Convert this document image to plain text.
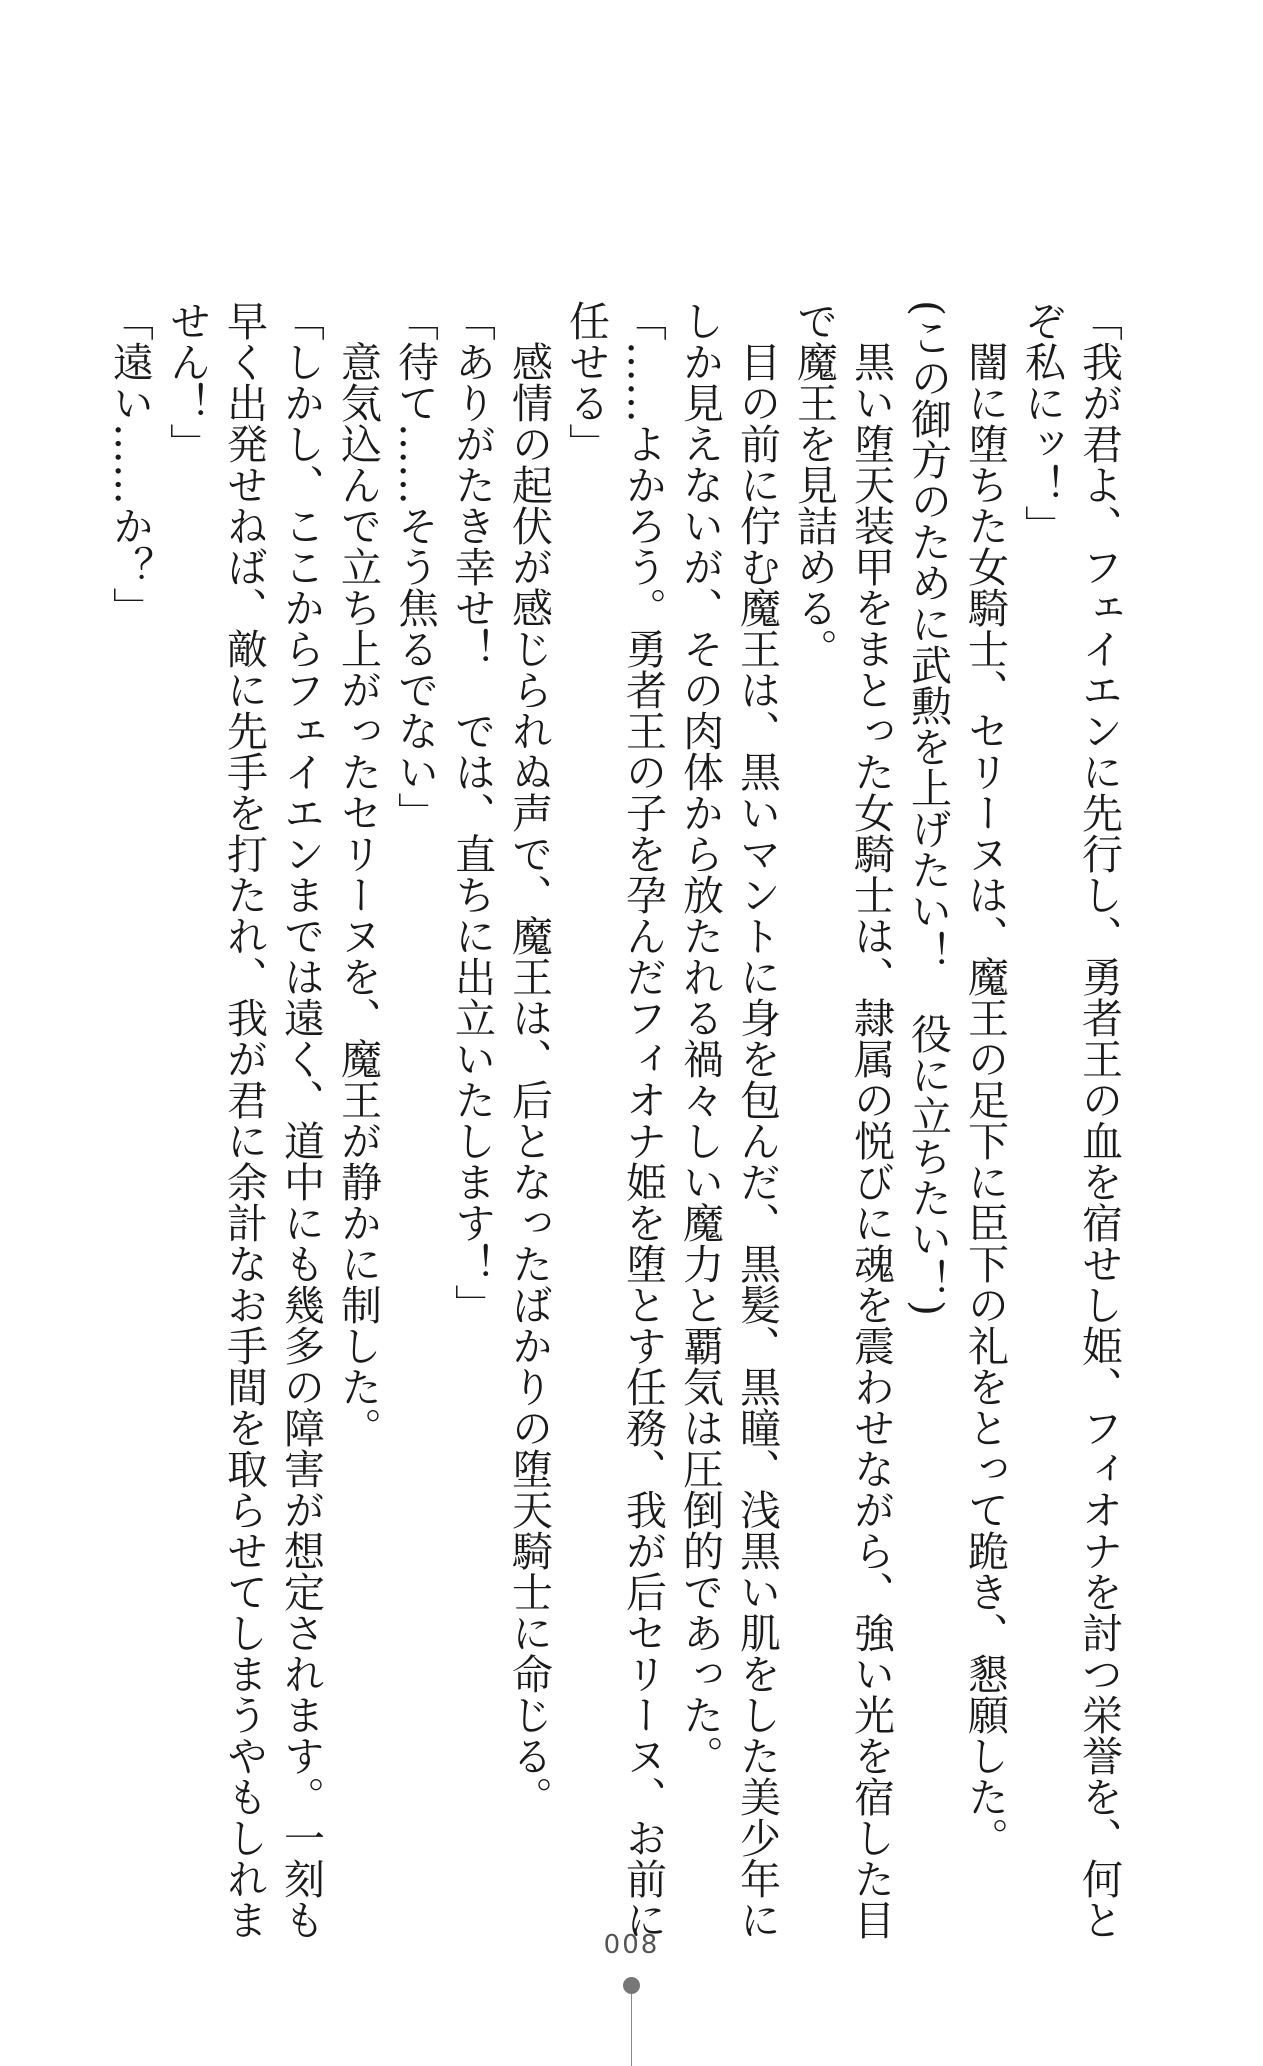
「我が君よ、フェイエンに先行し、勇者王の血を宿せし姫、フィオナを討つ栄誉を、何と

ぞ私にッ！」

闇に堕ちた女騎士、セリーヌは、魔王の足下に臣下の礼をとって跪き、懇願した。

(この御方のために武勲を上げたい！　役に立ちたい！)

黒い堕天装甲をまとった女騎士は、隷属の悦びに魂を震わせながら、強い光を宿した目

で魔王を見詰める。

目の前に佇む魔王は、黒いマントに身を包んだ、黒髪、黒瞳、浅黒い肌をした美少年に

しか見えないが、その肉体から放たれる禍々しい魔力と覇気は圧倒的であった。

「……よかろう。勇者王の子を孕んだフィオナ姫を堕とす任務、我が后セリーヌ、お前に

任せる」

感情の起伏が感じられぬ声で、魔王は、后となったばかりの堕天騎士に命じる。

「ありがたき幸せ！　では、直ちに出立いたします！」

「待て……そう焦るでない」

意気込んで立ち上がったセリーヌを、魔王が静かに制した。

「しかし、ここからフェイエンまでは遠く、道中にも幾多の障害が想定されます。一刻も

早く出発せねば、敵に先手を打たれ、我が君に余計なお手間を取らせてしまうやもしれま

せん！」

「遠い……か？」

008
